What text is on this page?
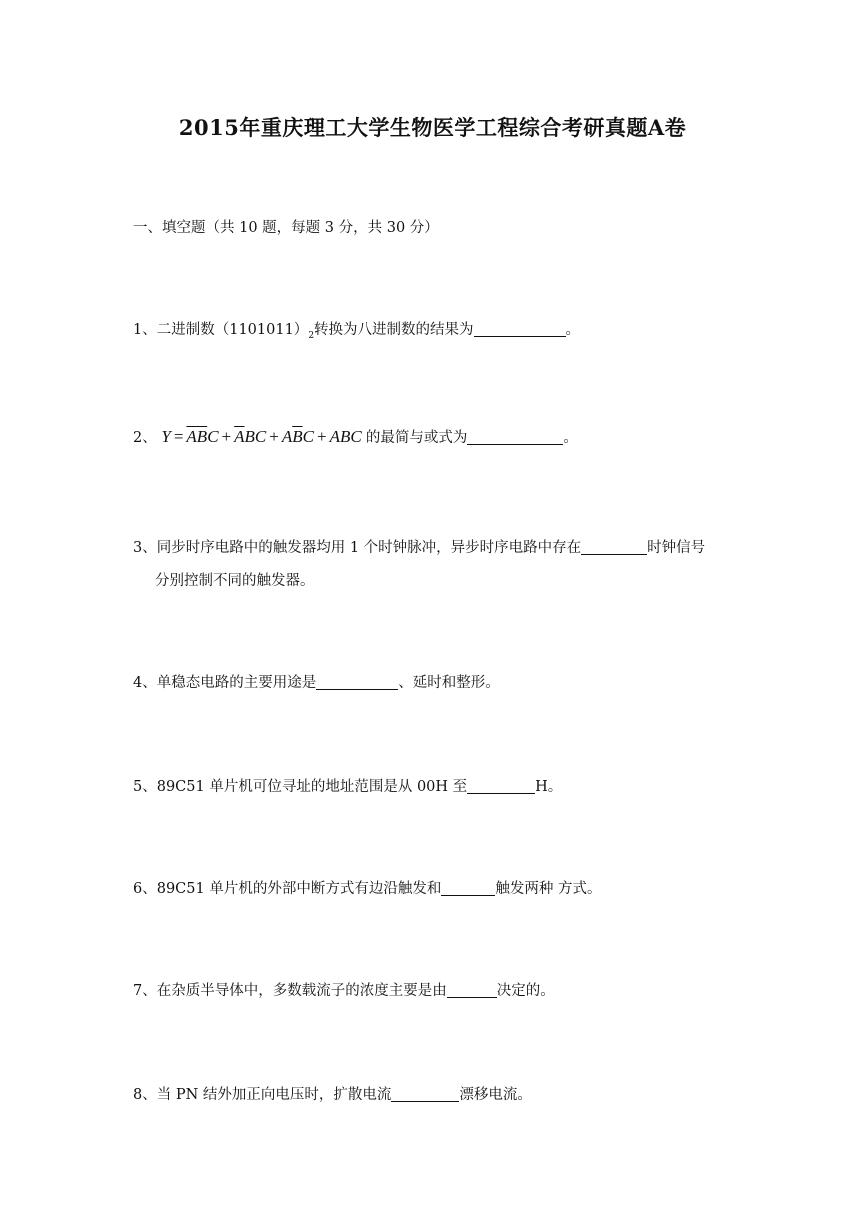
2015年重庆理工大学生物医学工程综合考研真题A卷
一、填空题（共 10 题，每题 3 分，共 30 分）
1、二进制数$(1101011)_2$转换为八进制数的结果为	。
2、 $Y = \overline{AB}C + \overline{A}BC + A\overline{B}C$ + ABC 的最简与或式为	。
3、同步时序电路中的触发器均用 1 个时钟脉冲，异步时序电路中存在	时钟信号
分别控制不同的触发器。
4、单稳态电路的主要用途是	、延时和整形。
5、89C51 单片机可位寻址的地址范围是从 00H 至	H。
6、89C51 单片机的外部中断方式有边沿触发和	触发两种 方式。
7、在杂质半导体中，多数载流子的浓度主要是由	决定的。
8、当 PN 结外加正向电压时，扩散电流	漂移电流。
